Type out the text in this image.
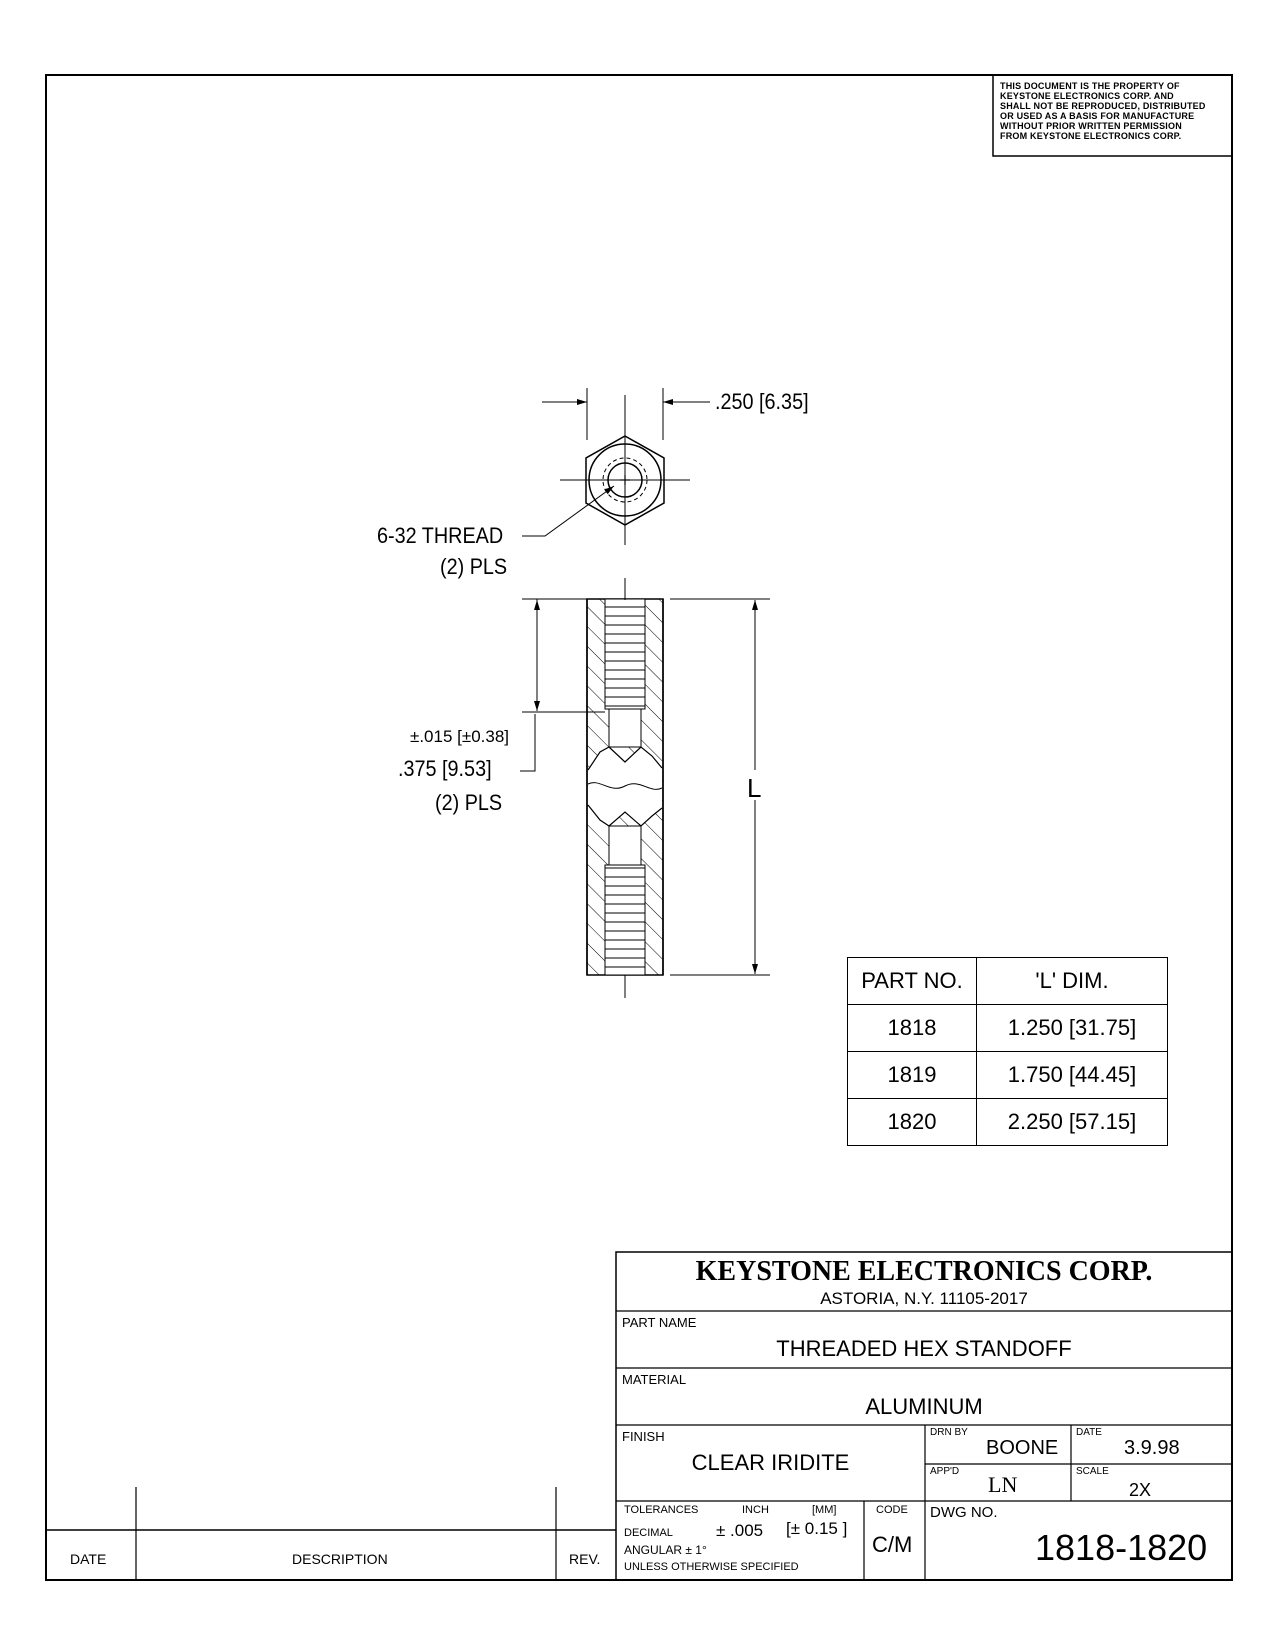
THIS DOCUMENT IS THE PROPERTY OF
KEYSTONE ELECTRONICS CORP. AND
SHALL NOT BE REPRODUCED, DISTRIBUTED
OR USED AS A BASIS FOR MANUFACTURE
WITHOUT PRIOR WRITTEN PERMISSION
FROM KEYSTONE ELECTRONICS CORP.
.250 [6.35]
6-32 THREAD
(2) PLS
±.015 [±0.38]
.375 [9.53]
(2) PLS	L
PART NO.	'L' DIM.
1818	1.250 [31.75]
1819	1.750 [44.45]
1820	2.250 [57.15]
KEYSTONE ELECTRONICS CORP.
ASTORIA, N.Y. 11105-2017
PART NAME
THREADED HEX STANDOFF
MATERIAL
ALUMINUM
FINISH
CLEAR IRIDITE
DRN BY
BOONE
DATE
3.9.98
APP'D
LN
SCALE
2X
TOLERANCES	INCH	[MM]	CODE
DECIMAL	± .005 [± 0.15 ]
ANGULAR ± 1°
UNLESS OTHERWISE SPECIFIED
C/M
DWG NO.
1818-1820
DATE	DESCRIPTION	REV.
